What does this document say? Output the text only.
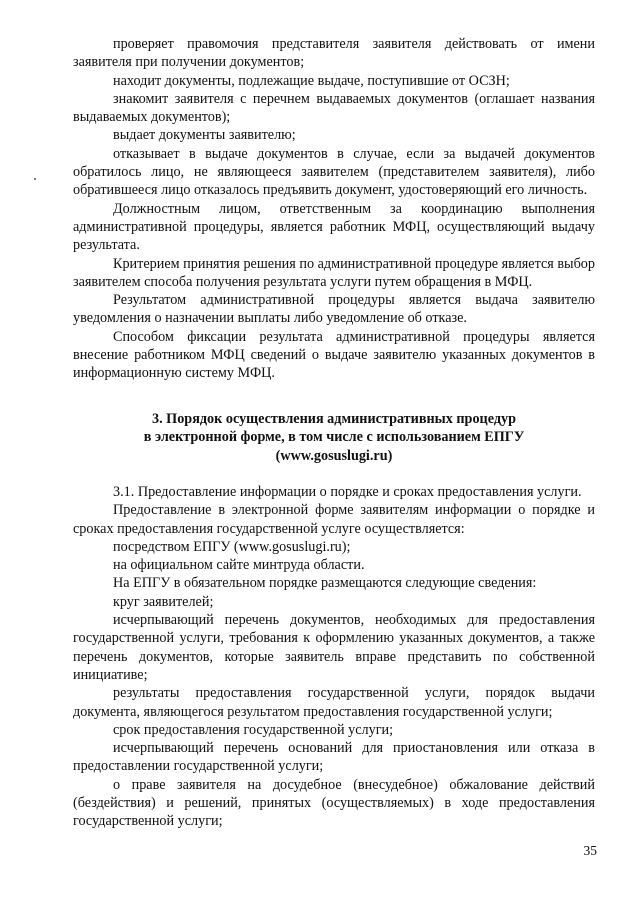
проверяет правомочия представителя заявителя действовать от имени заявителя при получении документов;

находит документы, подлежащие выдаче, поступившие от ОСЗН;

знакомит заявителя с перечнем выдаваемых документов (оглашает названия выдаваемых документов);

выдает документы заявителю;

отказывает в выдаче документов в случае, если за выдачей документов обратилось лицо, не являющееся заявителем (представителем заявителя), либо обратившееся лицо отказалось предъявить документ, удостоверяющий его личность.

Должностным лицом, ответственным за координацию выполнения административной процедуры, является работник МФЦ, осуществляющий выдачу результата.

Критерием принятия решения по административной процедуре является выбор заявителем способа получения результата услуги путем обращения в МФЦ.

Результатом административной процедуры является выдача заявителю уведомления о назначении выплаты либо уведомление об отказе.

Способом фиксации результата административной процедуры является внесение работником МФЦ сведений о выдаче заявителю указанных документов в информационную систему МФЦ.

3. Порядок осуществления административных процедур
в электронной форме, в том числе с использованием ЕПГУ
(www.gosuslugi.ru)

3.1. Предоставление информации о порядке и сроках предоставления услуги.

Предоставление в электронной форме заявителям информации о порядке и сроках предоставления государственной услуге осуществляется:

посредством ЕПГУ (www.gosuslugi.ru);

на официальном сайте минтруда области.

На ЕПГУ в обязательном порядке размещаются следующие сведения:

круг заявителей;

исчерпывающий перечень документов, необходимых для предоставления государственной услуги, требования к оформлению указанных документов, а также перечень документов, которые заявитель вправе представить по собственной инициативе;

результаты предоставления государственной услуги, порядок выдачи документа, являющегося результатом предоставления государственной услуги;

срок предоставления государственной услуги;

исчерпывающий перечень оснований для приостановления или отказа в предоставлении государственной услуги;

о праве заявителя на досудебное (внесудебное) обжалование действий (бездействия) и решений, принятых (осуществляемых) в ходе предоставления государственной услуги;

35
